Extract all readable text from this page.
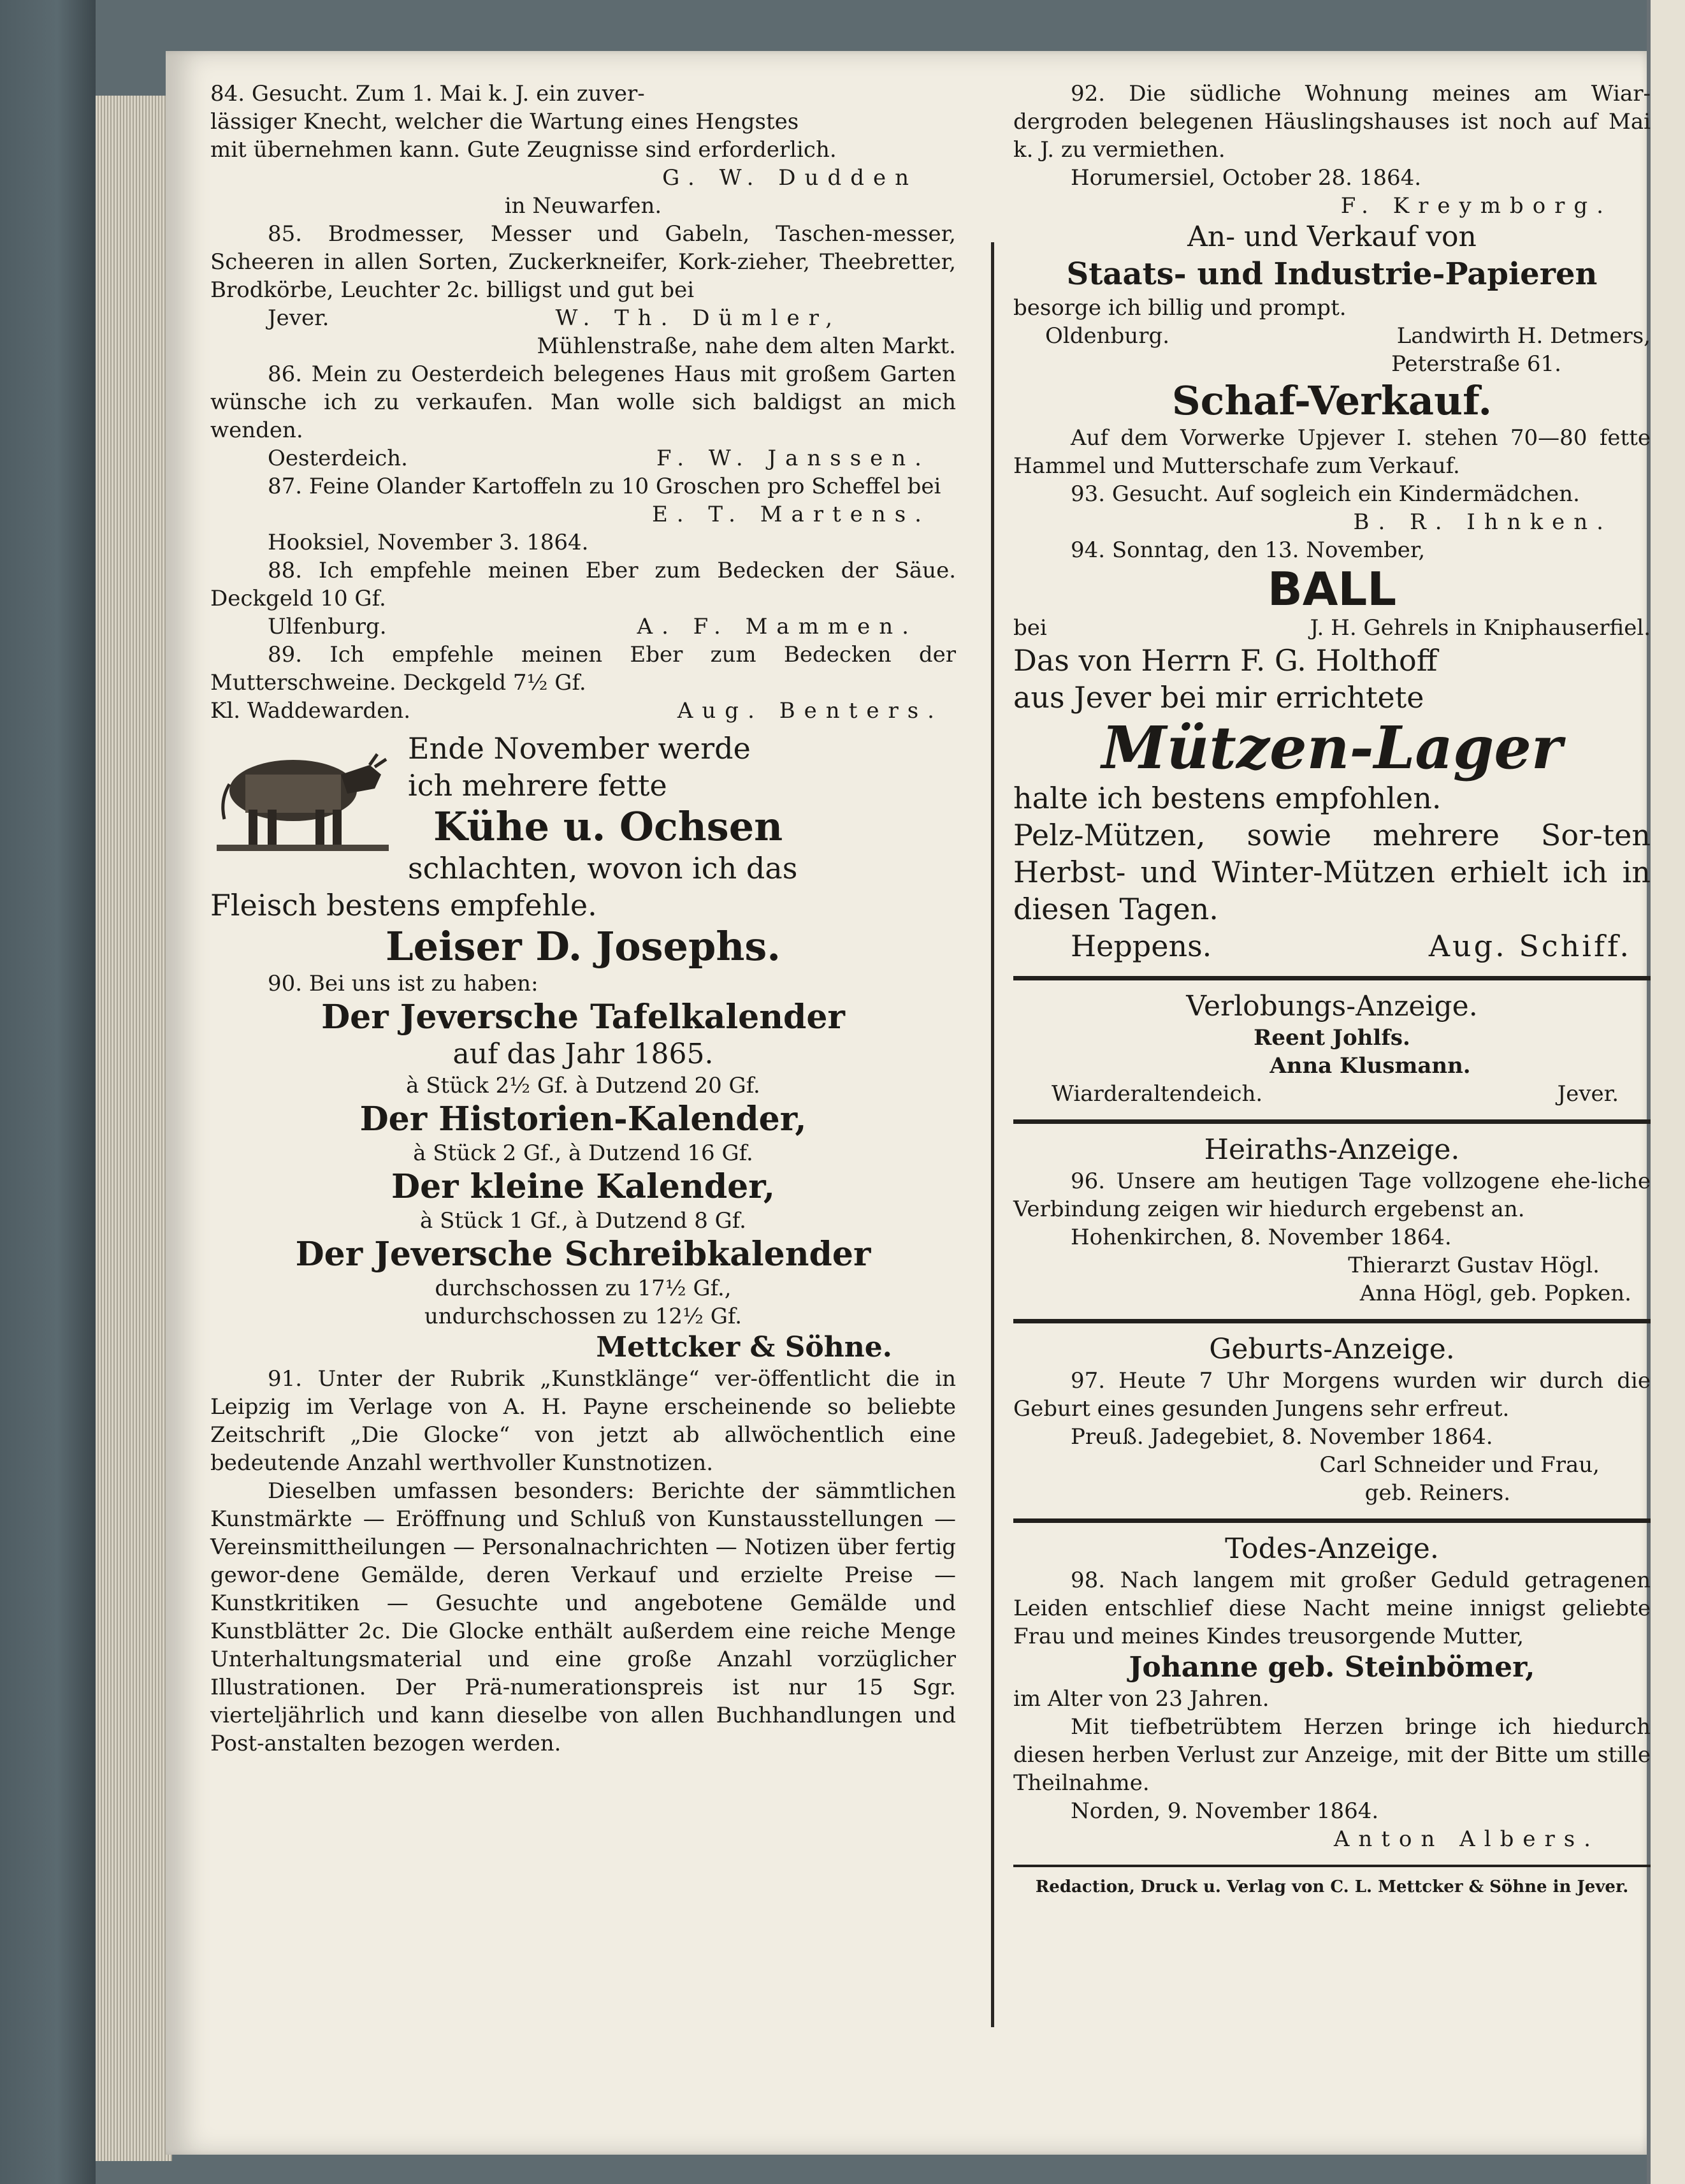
84. Gesucht. Zum 1. Mai k. J. ein zuver-

lässiger Knecht, welcher die Wartung eines Hengstes

mit übernehmen kann. Gute Zeugnisse sind erforderlich.

G. W. Dudden

in Neuwarfen.

85. Brodmesser, Messer und Gabeln, Taschen-messer, Scheeren in allen Sorten, Zuckerkneifer, Kork-zieher, Theebretter, Brodkörbe, Leuchter 2c. billigst und gut bei

Jever.	W. Th. Dümler,

Mühlenstraße, nahe dem alten Markt.

86. Mein zu Oesterdeich belegenes Haus mit großem Garten wünsche ich zu verkaufen. Man wolle sich baldigst an mich wenden.

Oesterdeich.	F. W. Janssen.

87. Feine Olander Kartoffeln zu 10 Groschen pro Scheffel bei

E. T. Martens.

Hooksiel, November 3. 1864.

88. Ich empfehle meinen Eber zum Bedecken der Säue. Deckgeld 10 Gf.

Ulfenburg.	A. F. Mammen.

89. Ich empfehle meinen Eber zum Bedecken der Mutterschweine. Deckgeld 7½ Gf.

Kl. Waddewarden.	Aug. Benters.

Ende November werde

ich mehrere fette

Kühe u. Ochsen

schlachten, wovon ich das

Fleisch bestens empfehle.

Leiser D. Josephs.

90. Bei uns ist zu haben:

Der Jeversche Tafelkalender

auf das Jahr 1865.

à Stück 2½ Gf. à Dutzend 20 Gf.

Der Historien-Kalender,

à Stück 2 Gf., à Dutzend 16 Gf.

Der kleine Kalender,

à Stück 1 Gf., à Dutzend 8 Gf.

Der Jeversche Schreibkalender

durchschossen zu 17½ Gf.,

undurchschossen zu 12½ Gf.

Mettcker & Söhne.

91. Unter der Rubrik „Kunstklänge“ ver-öffentlicht die in Leipzig im Verlage von A. H. Payne erscheinende so beliebte Zeitschrift „Die Glocke“ von jetzt ab allwöchentlich eine bedeutende Anzahl werthvoller Kunstnotizen.

Dieselben umfassen besonders: Berichte der sämmtlichen Kunstmärkte — Eröffnung und Schluß von Kunstausstellungen — Vereinsmittheilungen — Personalnachrichten — Notizen über fertig gewor-dene Gemälde, deren Verkauf und erzielte Preise — Kunstkritiken — Gesuchte und angebotene Gemälde und Kunstblätter 2c. Die Glocke enthält außerdem eine reiche Menge Unterhaltungsmaterial und eine große Anzahl vorzüglicher Illustrationen. Der Prä-numerationspreis ist nur 15 Sgr. vierteljährlich und kann dieselbe von allen Buchhandlungen und Post-anstalten bezogen werden.

92. Die südliche Wohnung meines am Wiar-dergroden belegenen Häuslingshauses ist noch auf Mai k. J. zu vermiethen.

Horumersiel, October 28. 1864.

F. Kreymborg.

An- und Verkauf von

Staats- und Industrie-Papieren

besorge ich billig und prompt.

Oldenburg.	Landwirth H. Detmers,

Peterstraße 61.

Schaf-Verkauf.

Auf dem Vorwerke Upjever I. stehen 70—80 fette Hammel und Mutterschafe zum Verkauf.

93. Gesucht. Auf sogleich ein Kindermädchen.

B. R. Ihnken.

94. Sonntag, den 13. November,

BALL

bei	J. H. Gehrels in Kniphauserfiel.

Das von Herrn F. G. Holthoff

aus Jever bei mir errichtete

Mützen-Lager

halte ich bestens empfohlen.

Pelz-Mützen, sowie mehrere Sor-ten Herbst- und Winter-Mützen erhielt ich in diesen Tagen.

Heppens.	Aug. Schiff.

Verlobungs-Anzeige.

Reent Johlfs.

Anna Klusmann.

Wiarderaltendeich.	Jever.

Heiraths-Anzeige.

96. Unsere am heutigen Tage vollzogene ehe-liche Verbindung zeigen wir hiedurch ergebenst an.

Hohenkirchen, 8. November 1864.

Thierarzt Gustav Högl.

Anna Högl, geb. Popken.

Geburts-Anzeige.

97. Heute 7 Uhr Morgens wurden wir durch die Geburt eines gesunden Jungens sehr erfreut.

Preuß. Jadegebiet, 8. November 1864.

Carl Schneider und Frau,

geb. Reiners.

Todes-Anzeige.

98. Nach langem mit großer Geduld getragenen Leiden entschlief diese Nacht meine innigst geliebte Frau und meines Kindes treusorgende Mutter,

Johanne geb. Steinbömer,

im Alter von 23 Jahren.

Mit tiefbetrübtem Herzen bringe ich hiedurch diesen herben Verlust zur Anzeige, mit der Bitte um stille Theilnahme.

Norden, 9. November 1864.

Anton Albers.

Redaction, Druck u. Verlag von C. L. Mettcker & Söhne in Jever.
